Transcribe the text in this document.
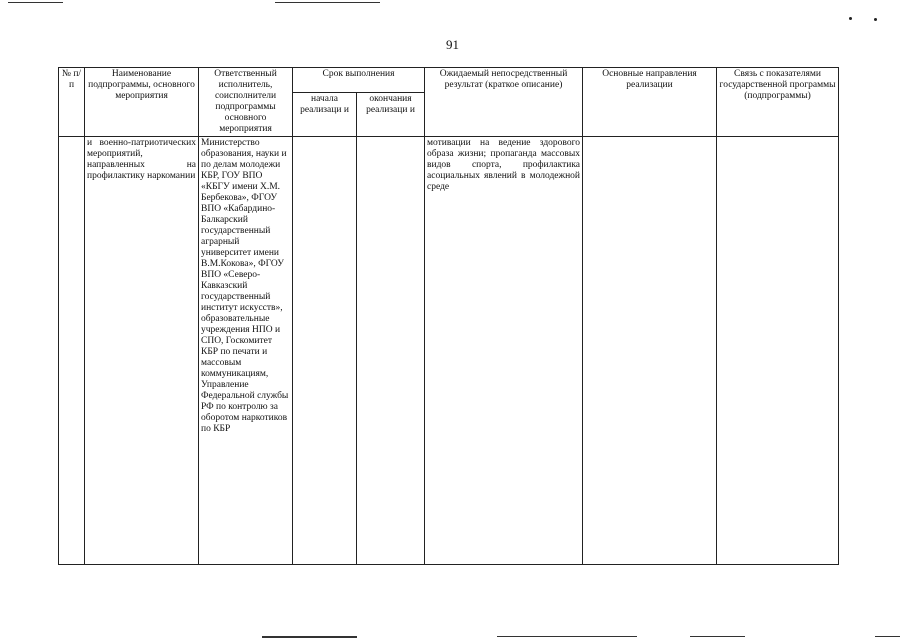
91
№ п/ п	Наименование подпрограммы, основного мероприятия	Ответственный исполнитель, соисполнители подпрограммы основного мероприятия	Срок выполнения		Ожидаемый непосредственный результат (краткое описание)	Основные направления реализации	Связь с показателями государственной программы (подпрограммы)
			начала реализаци и	окончания реализаци и			
	и военно-патриотических мероприятий, направленных на профилактику наркомании	Министерство образования, науки и по делам молодежи КБР, ГОУ ВПО «КБГУ имени Х.М. Бербекова», ФГОУ ВПО «Кабардино-Балкарский государственный аграрный университет имени В.М.Кокова», ФГОУ ВПО «Северо-Кавказский государственный институт искусств», образовательные учреждения НПО и СПО, Госкомитет КБР по печати и массовым коммуникациям, Управление Федеральной службы РФ по контролю за оборотом наркотиков по КБР			мотивации на ведение здорового образа жизни; пропаганда массовых видов спорта, профилактика асоциальных явлений в молодежной среде		
